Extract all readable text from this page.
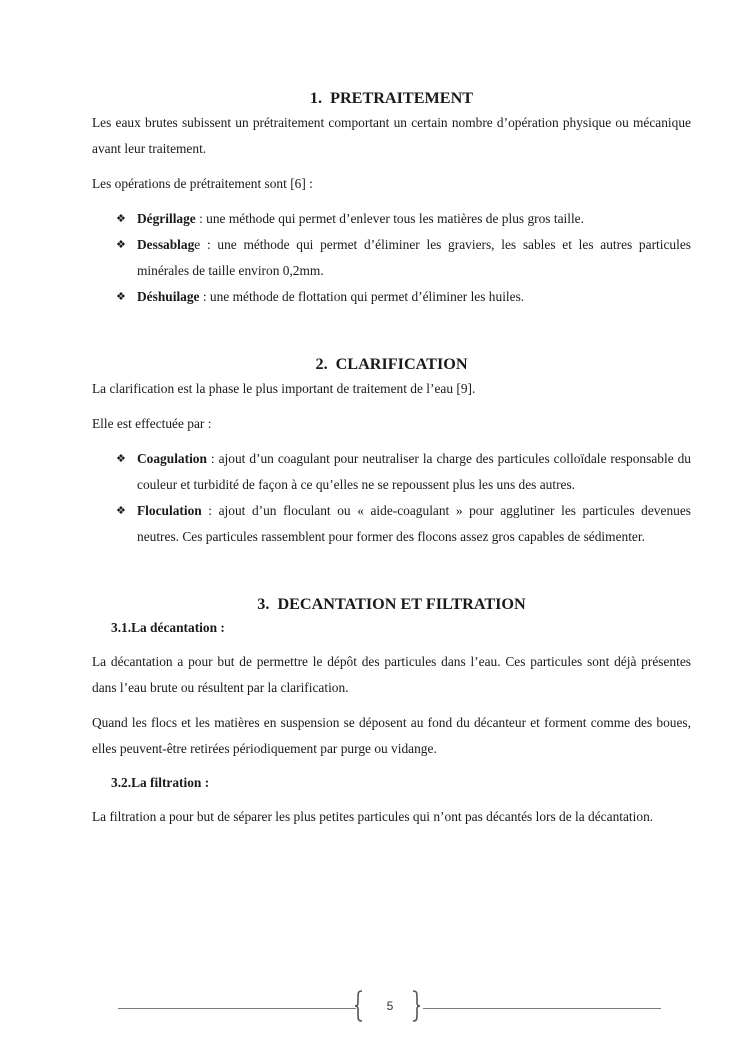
1. PRETRAITEMENT

Les eaux brutes subissent un prétraitement comportant un certain nombre d’opération physique ou mécanique avant leur traitement.

Les opérations de prétraitement sont [6] :

❖ Dégrillage : une méthode qui permet d’enlever tous les matières de plus gros taille.
❖ Dessablage : une méthode qui permet d’éliminer les graviers, les sables et les autres particules minérales de taille environ 0,2mm.
❖ Déshuilage : une méthode de flottation qui permet d’éliminer les huiles.
2. CLARIFICATION

La clarification est la phase le plus important de traitement de l’eau [9].

Elle est effectuée par :

❖ Coagulation : ajout d’un coagulant pour neutraliser la charge des particules colloïdale responsable du couleur et turbidité de façon à ce qu’elles ne se repoussent plus les uns des autres.
❖ Floculation : ajout d’un floculant ou « aide-coagulant » pour agglutiner les particules devenues neutres. Ces particules rassemblent pour former des flocons assez gros capables de sédimenter.
3. DECANTATION ET FILTRATION

3.1.La décantation :

La décantation a pour but de permettre le dépôt des particules dans l’eau. Ces particules sont déjà présentes dans l’eau brute ou résultent par la clarification.

Quand les flocs et les matières en suspension se déposent au fond du décanteur et forment comme des boues, elles peuvent-être retirées périodiquement par purge ou vidange.

3.2.La filtration :

La filtration a pour but de séparer les plus petites particules qui n’ont pas décantés lors de la décantation.

5
